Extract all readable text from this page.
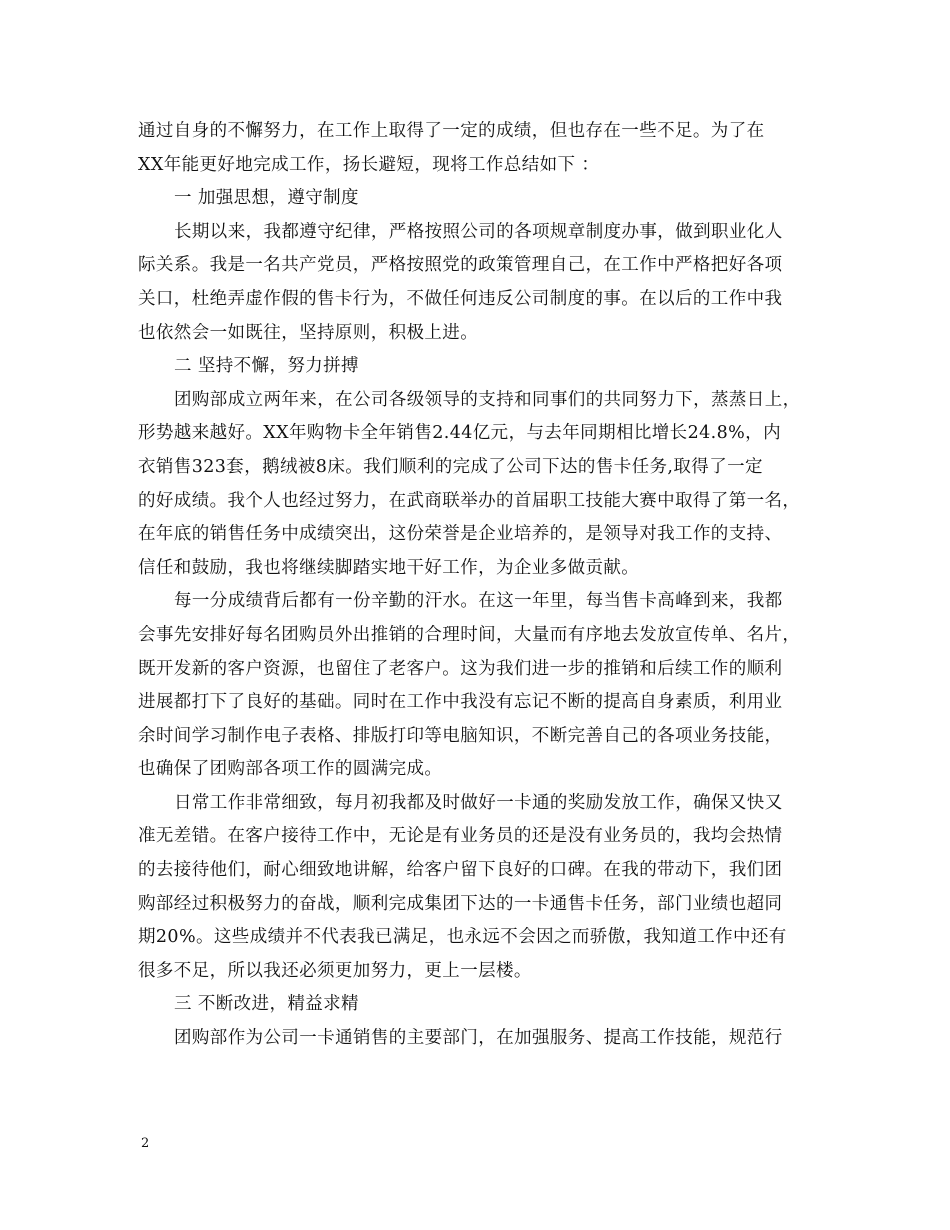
通过自身的不懈努力，在工作上取得了一定的成绩，但也存在一些不足。为了在
XX年能更好地完成工作，扬长避短，现将工作总结如下 ：
一 加强思想，遵守制度
长期以来，我都遵守纪律，严格按照公司的各项规章制度办事，做到职业化人
际关系。我是一名共产党员，严格按照党的政策管理自己，在工作中严格把好各项
关口，杜绝弄虚作假的售卡行为，不做任何违反公司制度的事。在以后的工作中我
也依然会一如既往，坚持原则，积极上进。
二 坚持不懈，努力拼搏
团购部成立两年来，在公司各级领导的支持和同事们的共同努力下，蒸蒸日上，
形势越来越好。XX年购物卡全年销售2.44亿元，与去年同期相比增长24.8%，内
衣销售323套，鹅绒被8床。我们顺利的完成了公司下达的售卡任务,取得了一定
的好成绩。我个人也经过努力，在武商联举办的首届职工技能大赛中取得了第一名，
在年底的销售任务中成绩突出，这份荣誉是企业培养的，是领导对我工作的支持、
信任和鼓励，我也将继续脚踏实地干好工作，为企业多做贡献。
每一分成绩背后都有一份辛勤的汗水。在这一年里，每当售卡高峰到来，我都
会事先安排好每名团购员外出推销的合理时间，大量而有序地去发放宣传单、名片，
既开发新的客户资源，也留住了老客户。这为我们进一步的推销和后续工作的顺利
进展都打下了良好的基础。同时在工作中我没有忘记不断的提高自身素质，利用业
余时间学习制作电子表格、排版打印等电脑知识，不断完善自己的各项业务技能，
也确保了团购部各项工作的圆满完成。
日常工作非常细致，每月初我都及时做好一卡通的奖励发放工作，确保又快又
准无差错。在客户接待工作中，无论是有业务员的还是没有业务员的，我均会热情
的去接待他们，耐心细致地讲解，给客户留下良好的口碑。在我的带动下，我们团
购部经过积极努力的奋战，顺利完成集团下达的一卡通售卡任务，部门业绩也超同
期20%。这些成绩并不代表我已满足，也永远不会因之而骄傲，我知道工作中还有
很多不足，所以我还必须更加努力，更上一层楼。
三 不断改进，精益求精
团购部作为公司一卡通销售的主要部门，在加强服务、提高工作技能，规范行
2
